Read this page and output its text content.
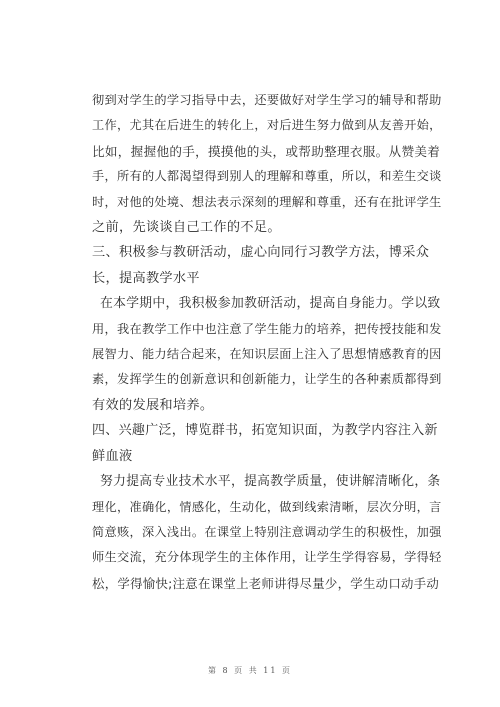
彻到对学生的学习指导中去，还要做好对学生学习的辅导和帮助
工作，尤其在后进生的转化上，对后进生努力做到从友善开始，
比如，握握他的手，摸摸他的头，或帮助整理衣服。从赞美着
手，所有的人都渴望得到别人的理解和尊重，所以，和差生交谈
时，对他的处境、想法表示深刻的理解和尊重，还有在批评学生
之前，先谈谈自己工作的不足。
三、积极参与教研活动，虚心向同行习教学方法，博采众
长，提高教学水平
在本学期中，我积极参加教研活动，提高自身能力。学以致
用，我在教学工作中也注意了学生能力的培养，把传授技能和发
展智力、能力结合起来，在知识层面上注入了思想情感教育的因
素，发挥学生的创新意识和创新能力，让学生的各种素质都得到
有效的发展和培养。
四、兴趣广泛，博览群书，拓宽知识面，为教学内容注入新
鲜血液
努力提高专业技术水平，提高教学质量，使讲解清晰化，条
理化，准确化，情感化，生动化，做到线索清晰，层次分明，言
简意赅，深入浅出。在课堂上特别注意调动学生的积极性，加强
师生交流，充分体现学生的主体作用，让学生学得容易，学得轻
松，学得愉快;注意在课堂上老师讲得尽量少，学生动口动手动
第 8 页 共 11 页
